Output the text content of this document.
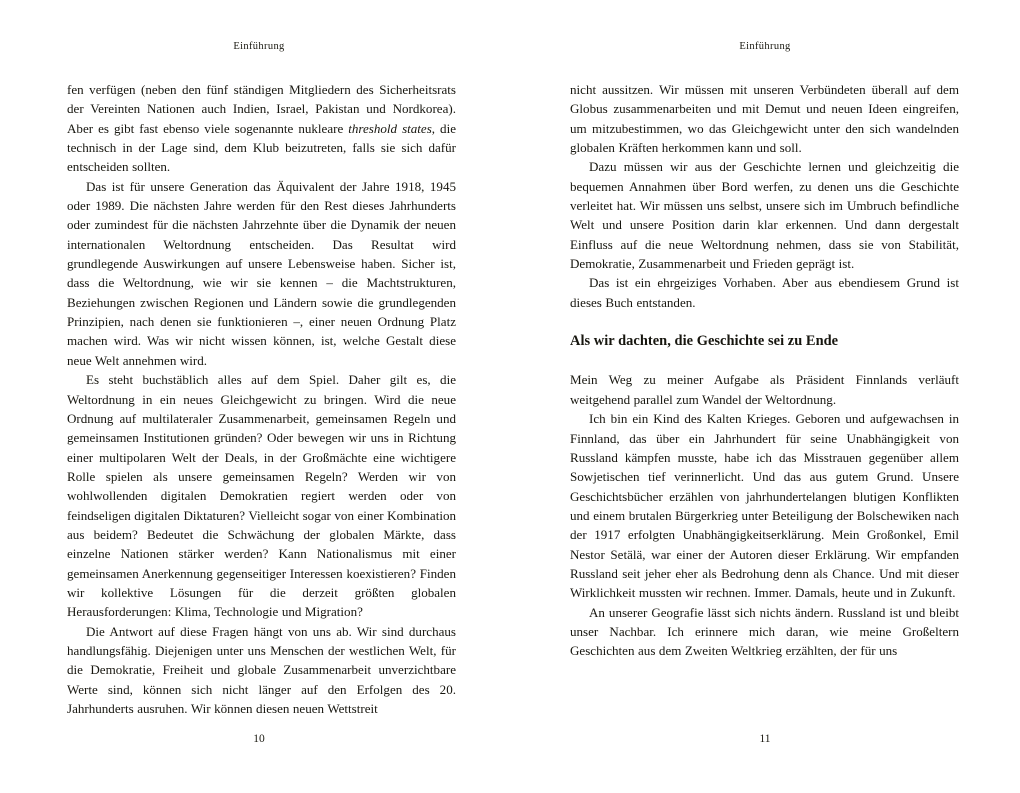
Einführung

fen verfügen (neben den fünf ständigen Mitgliedern des Sicherheitsrats der Vereinten Nationen auch Indien, Israel, Pakistan und Nordkorea). Aber es gibt fast ebenso viele sogenannte nukleare threshold states, die technisch in der Lage sind, dem Klub beizutreten, falls sie sich dafür entscheiden sollten.

Das ist für unsere Generation das Äquivalent der Jahre 1918, 1945 oder 1989. Die nächsten Jahre werden für den Rest dieses Jahrhunderts oder zumindest für die nächsten Jahrzehnte über die Dynamik der neuen internationalen Weltordnung entscheiden. Das Resultat wird grundlegende Auswirkungen auf unsere Lebensweise haben. Sicher ist, dass die Weltordnung, wie wir sie kennen – die Machtstrukturen, Beziehungen zwischen Regionen und Ländern sowie die grundlegenden Prinzipien, nach denen sie funktionieren –, einer neuen Ordnung Platz machen wird. Was wir nicht wissen können, ist, welche Gestalt diese neue Welt annehmen wird.

Es steht buchstäblich alles auf dem Spiel. Daher gilt es, die Weltordnung in ein neues Gleichgewicht zu bringen. Wird die neue Ordnung auf multilateraler Zusammenarbeit, gemeinsamen Regeln und gemeinsamen Institutionen gründen? Oder bewegen wir uns in Richtung einer multipolaren Welt der Deals, in der Großmächte eine wichtigere Rolle spielen als unsere gemeinsamen Regeln? Werden wir von wohlwollenden digitalen Demokratien regiert werden oder von feindseligen digitalen Diktaturen? Vielleicht sogar von einer Kombination aus beidem? Bedeutet die Schwächung der globalen Märkte, dass einzelne Nationen stärker werden? Kann Nationalismus mit einer gemeinsamen Anerkennung gegenseitiger Interessen koexistieren? Finden wir kollektive Lösungen für die derzeit größten globalen Herausforderungen: Klima, Technologie und Migration?

Die Antwort auf diese Fragen hängt von uns ab. Wir sind durchaus handlungsfähig. Diejenigen unter uns Menschen der westlichen Welt, für die Demokratie, Freiheit und globale Zusammenarbeit unverzichtbare Werte sind, können sich nicht länger auf den Erfolgen des 20. Jahrhunderts ausruhen. Wir können diesen neuen Wettstreit

10
Einführung

nicht aussitzen. Wir müssen mit unseren Verbündeten überall auf dem Globus zusammenarbeiten und mit Demut und neuen Ideen eingreifen, um mitzubestimmen, wo das Gleichgewicht unter den sich wandelnden globalen Kräften herkommen kann und soll.

Dazu müssen wir aus der Geschichte lernen und gleichzeitig die bequemen Annahmen über Bord werfen, zu denen uns die Geschichte verleitet hat. Wir müssen uns selbst, unsere sich im Umbruch befindliche Welt und unsere Position darin klar erkennen. Und dann dergestalt Einfluss auf die neue Weltordnung nehmen, dass sie von Stabilität, Demokratie, Zusammenarbeit und Frieden geprägt ist.

Das ist ein ehrgeiziges Vorhaben. Aber aus ebendiesem Grund ist dieses Buch entstanden.

Als wir dachten, die Geschichte sei zu Ende

Mein Weg zu meiner Aufgabe als Präsident Finnlands verläuft weitgehend parallel zum Wandel der Weltordnung.

Ich bin ein Kind des Kalten Krieges. Geboren und aufgewachsen in Finnland, das über ein Jahrhundert für seine Unabhängigkeit von Russland kämpfen musste, habe ich das Misstrauen gegenüber allem Sowjetischen tief verinnerlicht. Und das aus gutem Grund. Unsere Geschichtsbücher erzählen von jahrhundertelangen blutigen Konflikten und einem brutalen Bürgerkrieg unter Beteiligung der Bolschewiken nach der 1917 erfolgten Unabhängigkeitserklärung. Mein Großonkel, Emil Nestor Setälä, war einer der Autoren dieser Erklärung. Wir empfanden Russland seit jeher eher als Bedrohung denn als Chance. Und mit dieser Wirklichkeit mussten wir rechnen. Immer. Damals, heute und in Zukunft.

An unserer Geografie lässt sich nichts ändern. Russland ist und bleibt unser Nachbar. Ich erinnere mich daran, wie meine Großeltern Geschichten aus dem Zweiten Weltkrieg erzählten, der für uns

11
